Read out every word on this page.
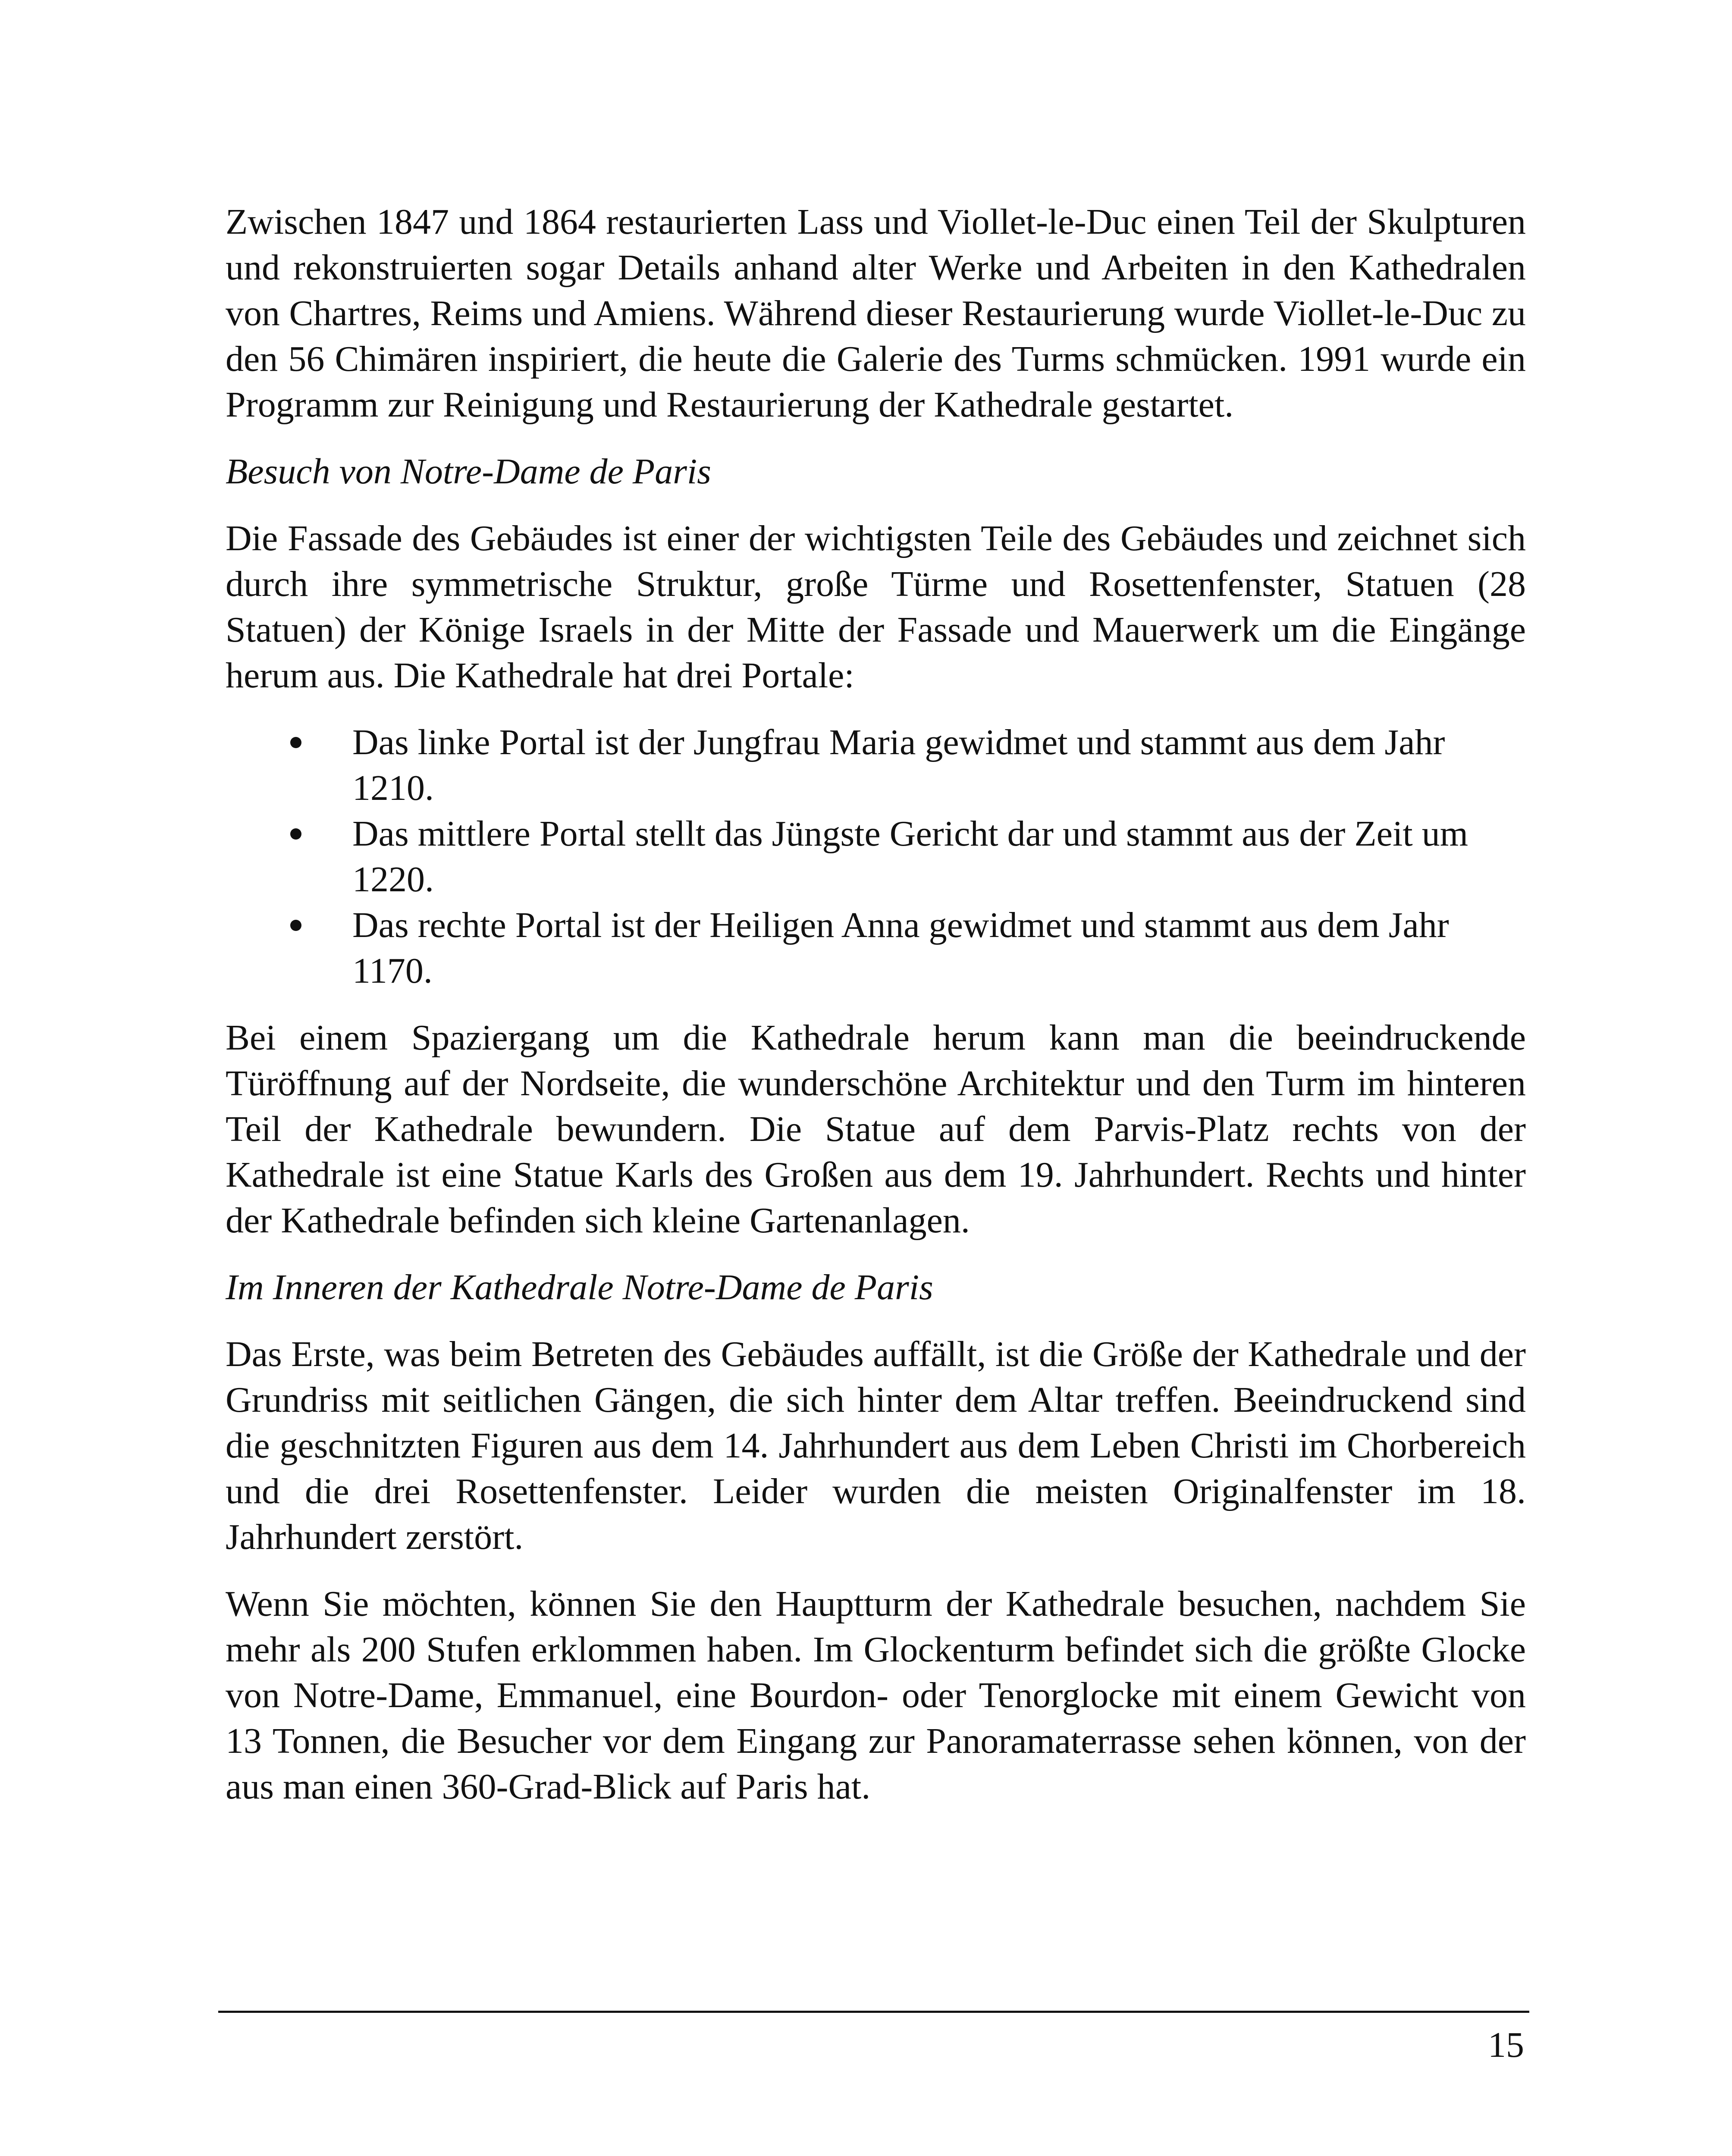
Zwischen 1847 und 1864 restaurierten Lass und Viollet-le-Duc einen Teil der Skulpturen und rekonstruierten sogar Details anhand alter Werke und Arbeiten in den Kathedralen von Chartres, Reims und Amiens. Während dieser Restaurierung wurde Viollet-le-Duc zu den 56 Chimären inspiriert, die heute die Galerie des Turms schmücken. 1991 wurde ein Programm zur Reinigung und Restaurierung der Kathedrale gestartet.

Besuch von Notre-Dame de Paris

Die Fassade des Gebäudes ist einer der wichtigsten Teile des Gebäudes und zeichnet sich durch ihre symmetrische Struktur, große Türme und Rosettenfenster, Statuen (28 Statuen) der Könige Israels in der Mitte der Fassade und Mauerwerk um die Eingänge herum aus. Die Kathedrale hat drei Portale:

Das linke Portal ist der Jungfrau Maria gewidmet und stammt aus dem Jahr 1210.
Das mittlere Portal stellt das Jüngste Gericht dar und stammt aus der Zeit um 1220.
Das rechte Portal ist der Heiligen Anna gewidmet und stammt aus dem Jahr 1170.

Bei einem Spaziergang um die Kathedrale herum kann man die beeindruckende Türöffnung auf der Nordseite, die wunderschöne Architektur und den Turm im hinteren Teil der Kathedrale bewundern. Die Statue auf dem Parvis-Platz rechts von der Kathedrale ist eine Statue Karls des Großen aus dem 19. Jahrhundert. Rechts und hinter der Kathedrale befinden sich kleine Gartenanlagen.

Im Inneren der Kathedrale Notre-Dame de Paris

Das Erste, was beim Betreten des Gebäudes auffällt, ist die Größe der Kathedrale und der Grundriss mit seitlichen Gängen, die sich hinter dem Altar treffen. Beeindruckend sind die geschnitzten Figuren aus dem 14. Jahrhundert aus dem Leben Christi im Chorbereich und die drei Rosettenfenster. Leider wurden die meisten Originalfenster im 18. Jahrhundert zerstört.

Wenn Sie möchten, können Sie den Hauptturm der Kathedrale besuchen, nachdem Sie mehr als 200 Stufen erklommen haben. Im Glockenturm befindet sich die größte Glocke von Notre-Dame, Emmanuel, eine Bourdon- oder Tenorglocke mit einem Gewicht von 13 Tonnen, die Besucher vor dem Eingang zur Panoramaterrasse sehen können, von der aus man einen 360-Grad-Blick auf Paris hat.

15
